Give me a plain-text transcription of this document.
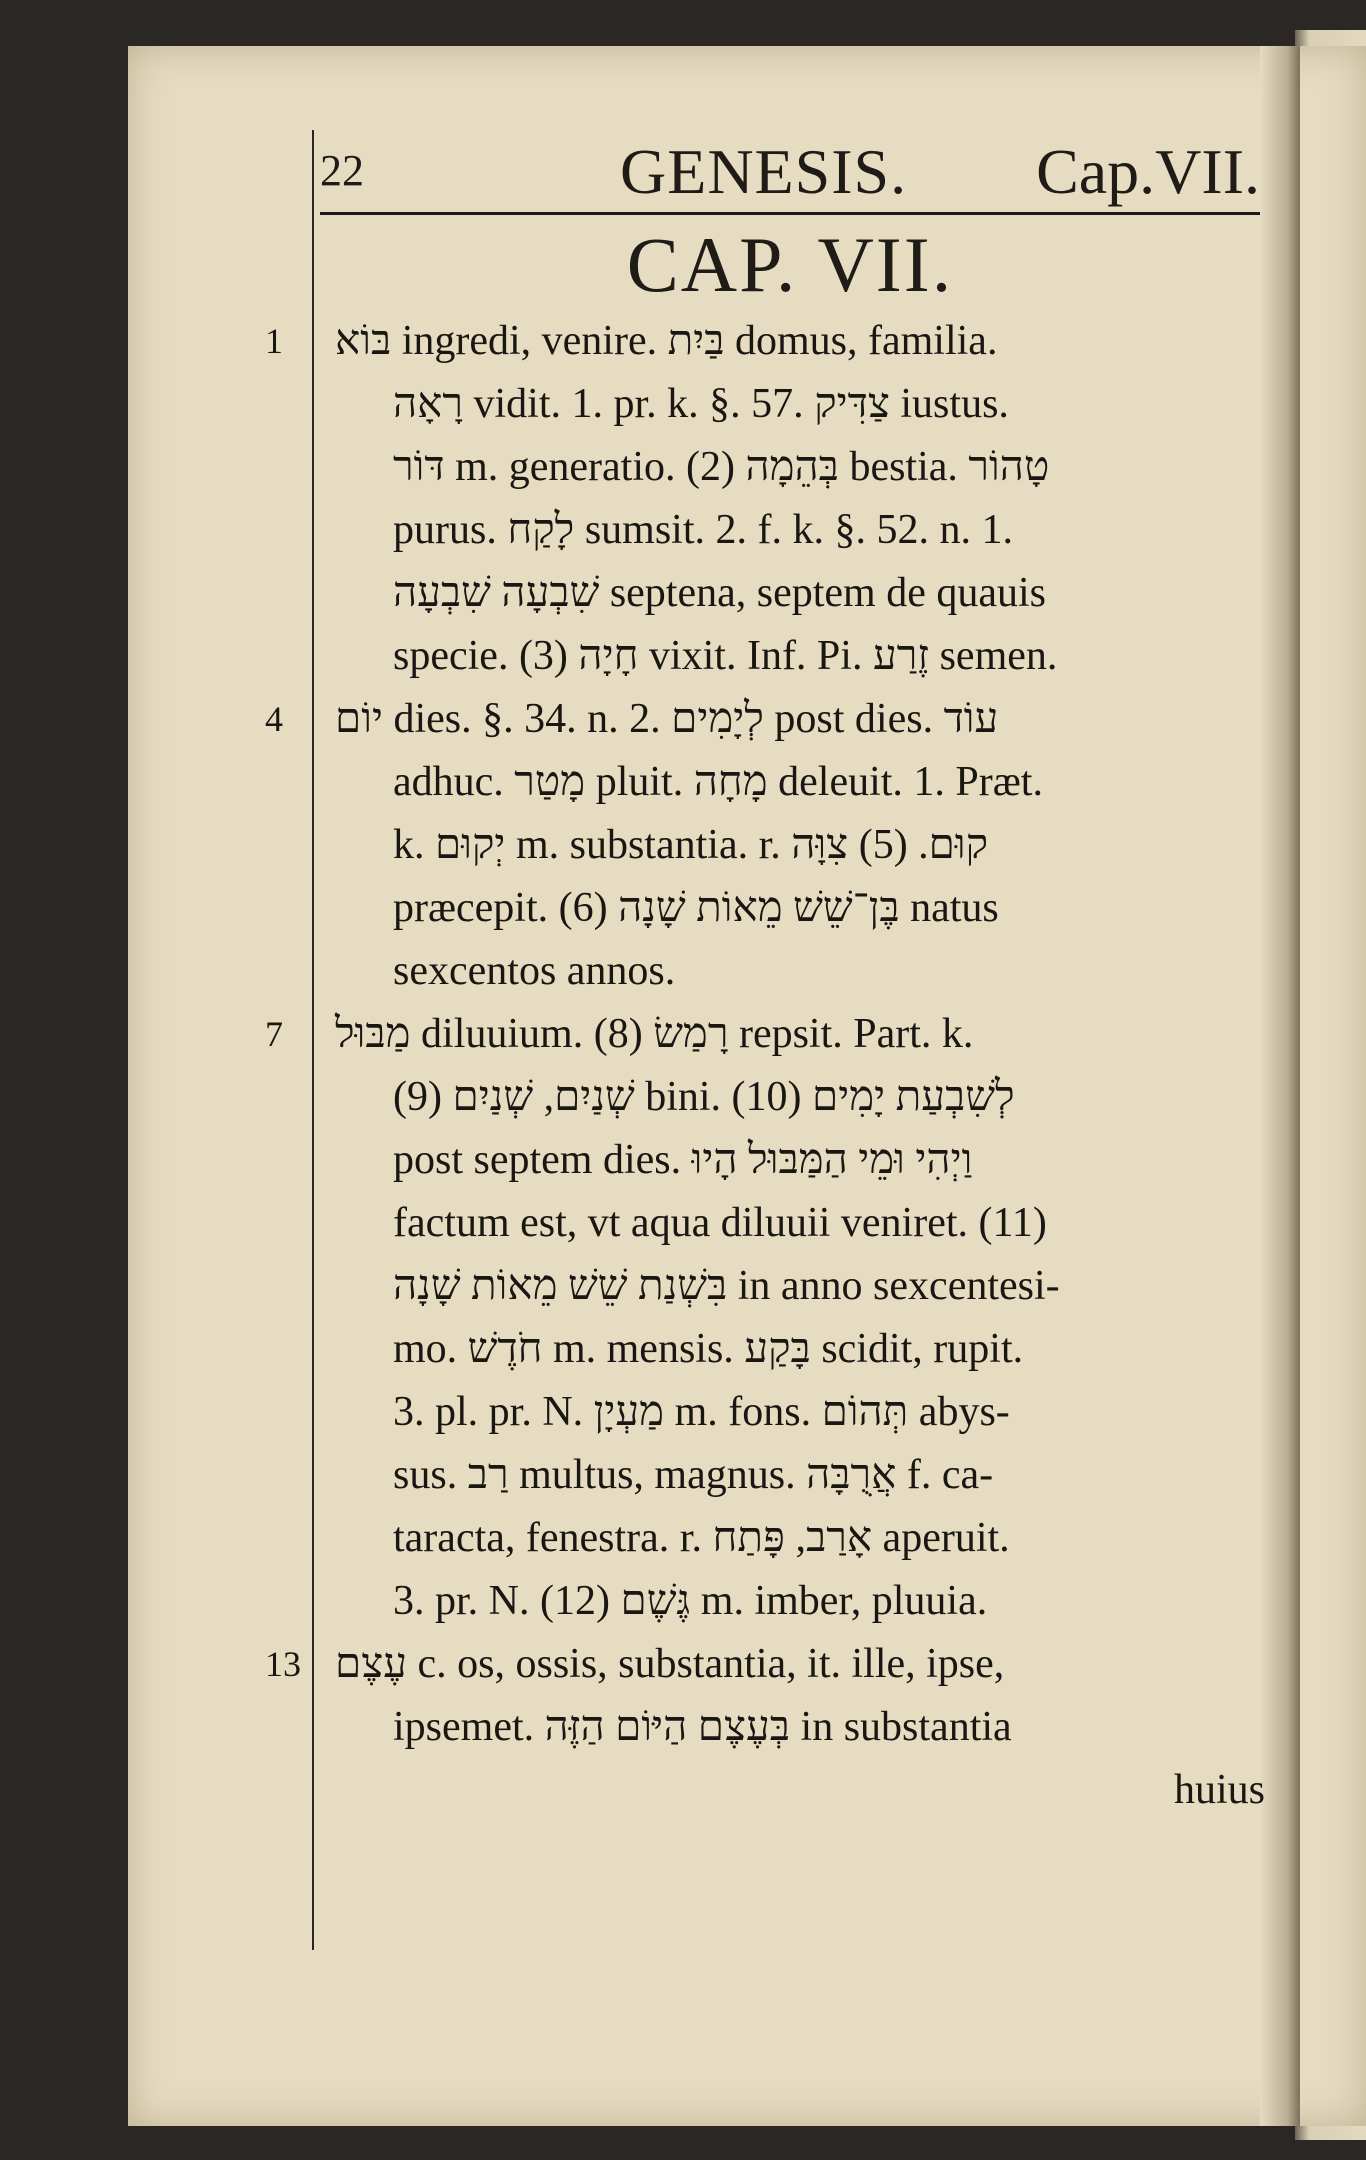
22	GENESIS. Cap.VII.
CAP. VII.
1 בּוֹא ingredi, venire. בַּיִת domus, familia.
רָאָה vidit. 1. pr. k. §. 57. צַדִּיק iustus.
דּוֹר m. generatio. (2) בְּהֵמָה bestia. טָהוֹר
purus. לָקַח sumsit. 2. f. k. §. 52. n. 1.
שִׁבְעָה שִׁבְעָה septena, septem de quauis
specie. (3) חָיָה vixit. Inf. Pi. זֶרַע semen.
4 יוֹם dies. §. 34. n. 2. לְיָמִים post dies. עוֹד
adhuc. מָטַר pluit. מָחָה deleuit. 1. Præt.
k. יְקוּם m. substantia. r. קוּם. (5) צִוָּה
præcepit. (6) בֶּן־שֵׁשׁ מֵאוֹת שָׁנָה natus
sexcentos annos.
7 מַבּוּל diluuium. (8) רָמַשׂ repsit. Part. k.
(9) שְׁנַיִם, שְׁנַיִם bini. (10) לְשִׁבְעַת יָמִים
post septem dies. וַיְהִי וּמֵי הַמַּבּוּל הָיוּ
factum est, vt aqua diluuii veniret. (11)
בִּשְׁנַת שֵׁשׁ מֵאוֹת שָׁנָה in anno sexcentesi-
mo. חֹדֶשׁ m. mensis. בָּקַע scidit, rupit.
3. pl. pr. N. מַעְיָן m. fons. תְּהוֹם abys-
sus. רַב multus, magnus. אֲרֻבָּה f. ca-
taracta, fenestra. r. אָרַב, פָּתַח aperuit.
3. pr. N. (12) גֶּשֶׁם m. imber, pluuia.
13 עֶצֶם c. os, ossis, substantia, it. ille, ipse,
ipsemet. בְּעֶצֶם הַיּוֹם הַזֶּה in substantia
huius
